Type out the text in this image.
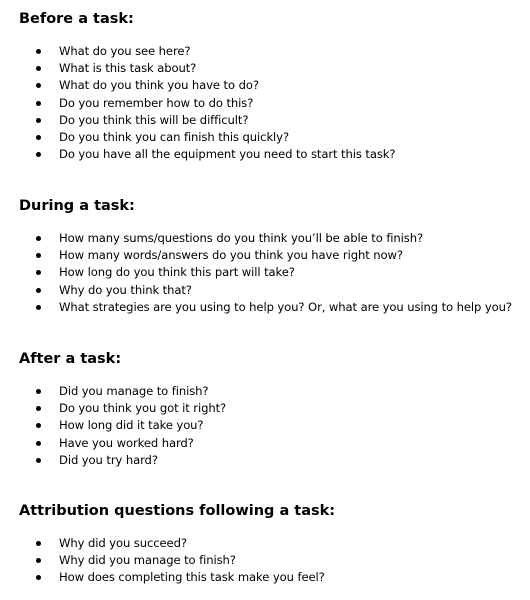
Before a task:
What do you see here?
What is this task about?
What do you think you have to do?
Do you remember how to do this?
Do you think this will be difficult?
Do you think you can finish this quickly?
Do you have all the equipment you need to start this task?
During a task:
How many sums/questions do you think you’ll be able to finish?
How many words/answers do you think you have right now?
How long do you think this part will take?
Why do you think that?
What strategies are you using to help you? Or, what are you using to help you?
After a task:
Did you manage to finish?
Do you think you got it right?
How long did it take you?
Have you worked hard?
Did you try hard?
Attribution questions following a task:
Why did you succeed?
Why did you manage to finish?
How does completing this task make you feel?
